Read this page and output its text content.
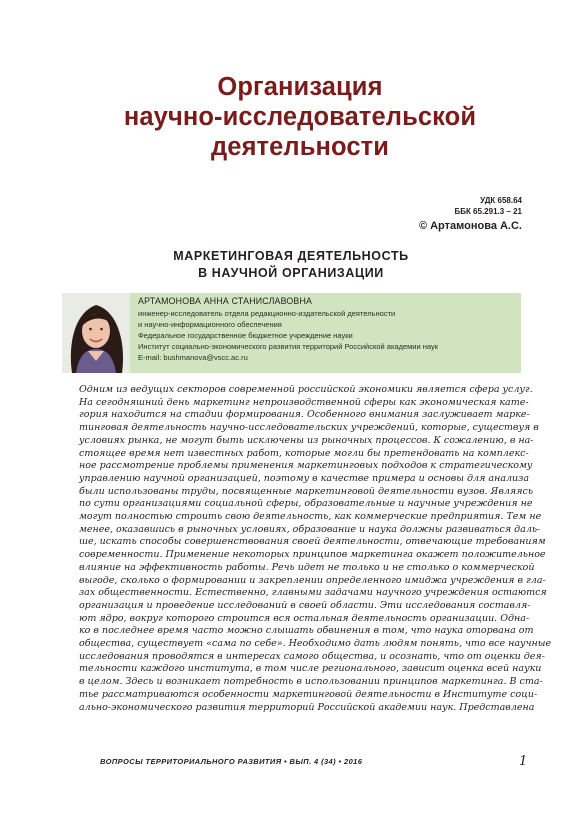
Организация
научно-исследовательской
деятельности
УДК 658.64
ББК 65.291.3 – 21
© Артамонова А.С.
МАРКЕТИНГОВАЯ ДЕЯТЕЛЬНОСТЬ
В НАУЧНОЙ ОРГАНИЗАЦИИ
АРТАМОНОВА АННА СТАНИСЛАВОВНА
инженер-исследователь отдела редакционно-издательской деятельности
и научно-информационного обеспечения
Федеральное государственное бюджетное учреждение науки
Институт социально-экономического развития территорий Российской академии наук
E-mail: bushmanova@vscc.ac.ru
Одним из ведущих секторов современной российской экономики является сфера услуг.
На сегодняшний день маркетинг непроизводственной сферы как экономическая кате-
гория находится на стадии формирования. Особенного внимания заслуживает марке-
тинговая деятельность научно-исследовательских учреждений, которые, существуя в
условиях рынка, не могут быть исключены из рыночных процессов. К сожалению, в на-
стоящее время нет известных работ, которые могли бы претендовать на комплекс-
ное рассмотрение проблемы применения маркетинговых подходов к стратегическому
управлению научной организацией, поэтому в качестве примера и основы для анализа
были использованы труды, посвященные маркетинговой деятельности вузов. Являясь
по сути организациями социальной сферы, образовательные и научные учреждения не
могут полностью строить свою деятельность, как коммерческие предприятия. Тем не
менее, оказавшись в рыночных условиях, образование и наука должны развиваться даль-
ше, искать способы совершенствования своей деятельности, отвечающие требованиям
современности. Применение некоторых принципов маркетинга окажет положительное
влияние на эффективность работы. Речь идет не только и не столько о коммерческой
выгоде, сколько о формировании и закреплении определенного имиджа учреждения в гла-
зах общественности. Естественно, главными задачами научного учреждения остаются
организация и проведение исследований в своей области. Эти исследования составля-
ют ядро, вокруг которого строится вся остальная деятельность организации. Одна-
ко в последнее время часто можно слышать обвинения в том, что наука оторвана от
общества, существует «сама по себе». Необходимо дать людям понять, что все научные
исследования проводятся в интересах самого общества, и осознать, что от оценки дея-
тельности каждого института, в том числе регионального, зависит оценка всей науки
в целом. Здесь и возникает потребность в использовании принципов маркетинга. В ста-
тье рассматриваются особенности маркетинговой деятельности в Институте соци-
ально-экономического развития территорий Российской академии наук. Представлена
ВОПРОСЫ ТЕРРИТОРИАЛЬНОГО РАЗВИТИЯ • ВЫП. 4 (34) • 2016	1
